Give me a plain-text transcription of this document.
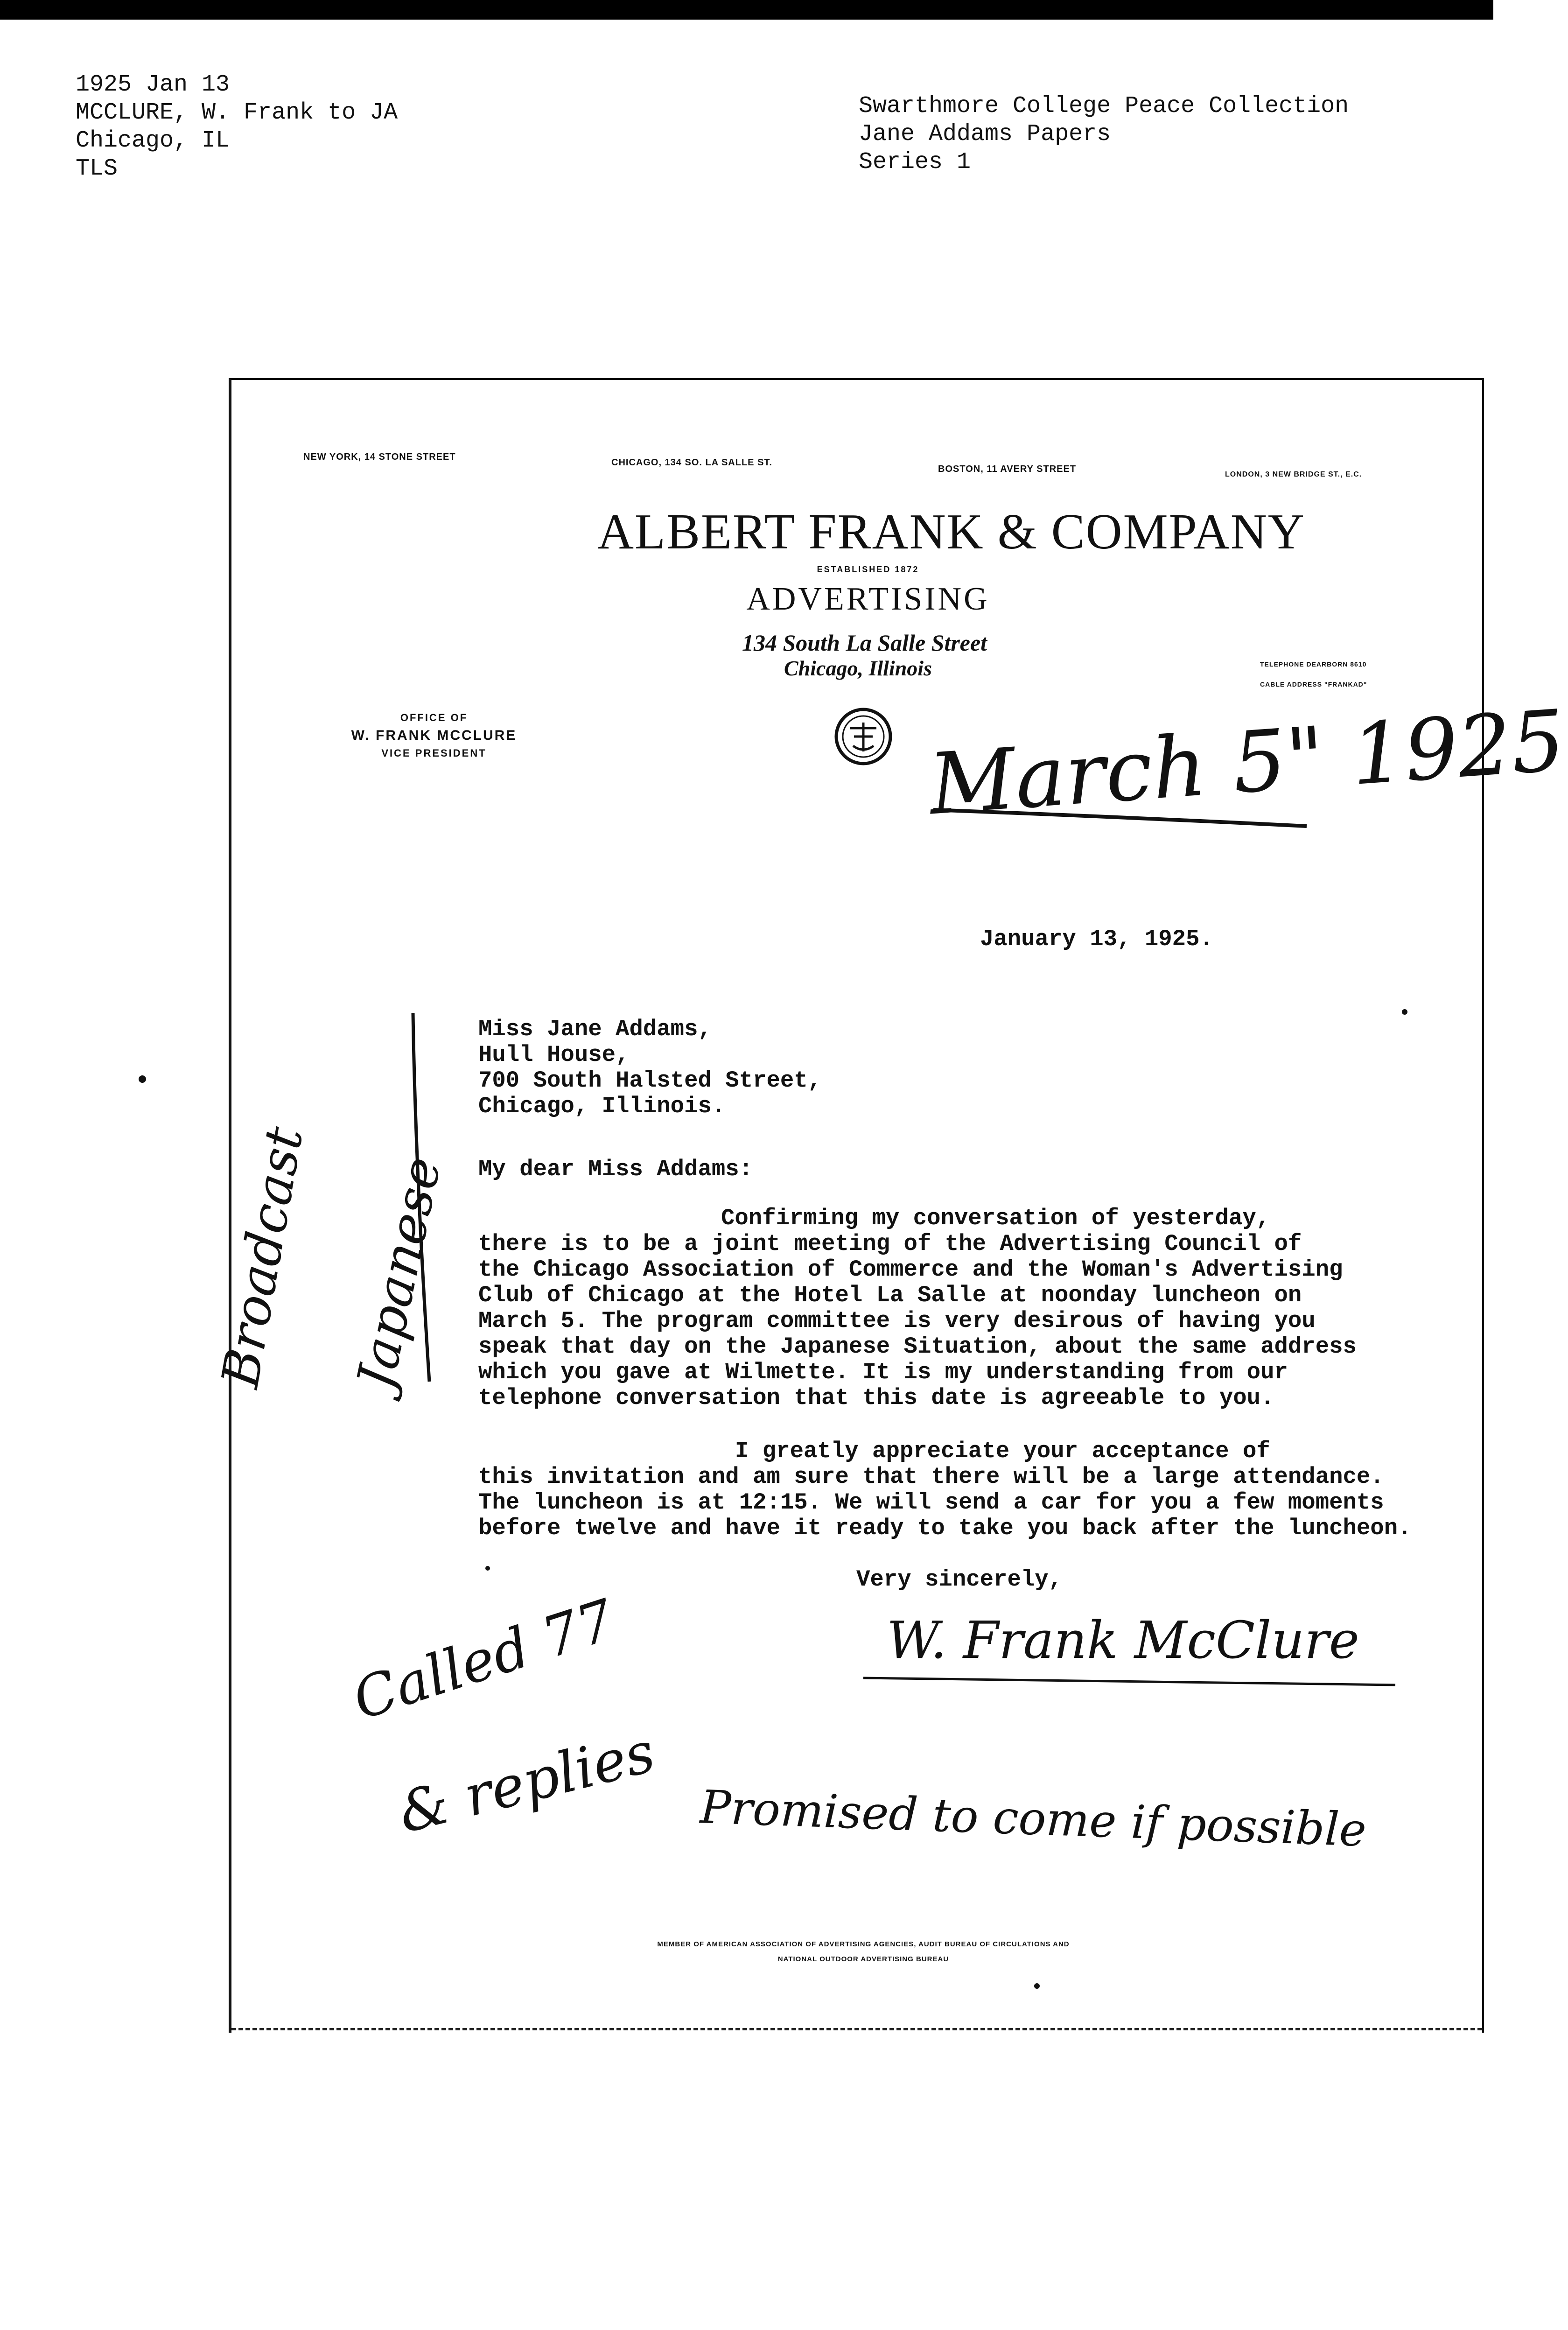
1925 Jan 13
MCCLURE, W. Frank to JA
Chicago, IL
TLS
Swarthmore College Peace Collection
Jane Addams Papers
Series 1
NEW YORK, 14 STONE STREET
CHICAGO, 134 SO. LA SALLE ST.
BOSTON, 11 AVERY STREET
LONDON, 3 NEW BRIDGE ST., E.C.
ALBERT FRANK & COMPANY
ESTABLISHED 1872
ADVERTISING
134 South La Salle Street
Chicago, Illinois	TELEPHONE DEARBORN 8610
CABLE ADDRESS "FRANKAD"
OFFICE OF
W. FRANK MCCLURE
VICE PRESIDENT	March 5" 1925
Broadcast Japanese
Called 77
& replies
W. Frank McClure
Promised to come if possible
January 13, 1925.
Miss Jane Addams,
Hull House,
700 South Halsted Street,
Chicago, Illinois.
My dear Miss Addams:
Confirming my conversation of yesterday,
there is to be a joint meeting of the Advertising Council of
the Chicago Association of Commerce and the Woman's Advertising
Club of Chicago at the Hotel La Salle at noonday luncheon on
March 5. The program committee is very desirous of having you
speak that day on the Japanese Situation, about the same address
which you gave at Wilmette. It is my understanding from our
telephone conversation that this date is agreeable to you.
I greatly appreciate your acceptance of
this invitation and am sure that there will be a large attendance.
The luncheon is at 12:15. We will send a car for you a few moments
before twelve and have it ready to take you back after the luncheon.
Very sincerely,
MEMBER OF AMERICAN ASSOCIATION OF ADVERTISING AGENCIES, AUDIT BUREAU OF CIRCULATIONS AND
NATIONAL OUTDOOR ADVERTISING BUREAU
